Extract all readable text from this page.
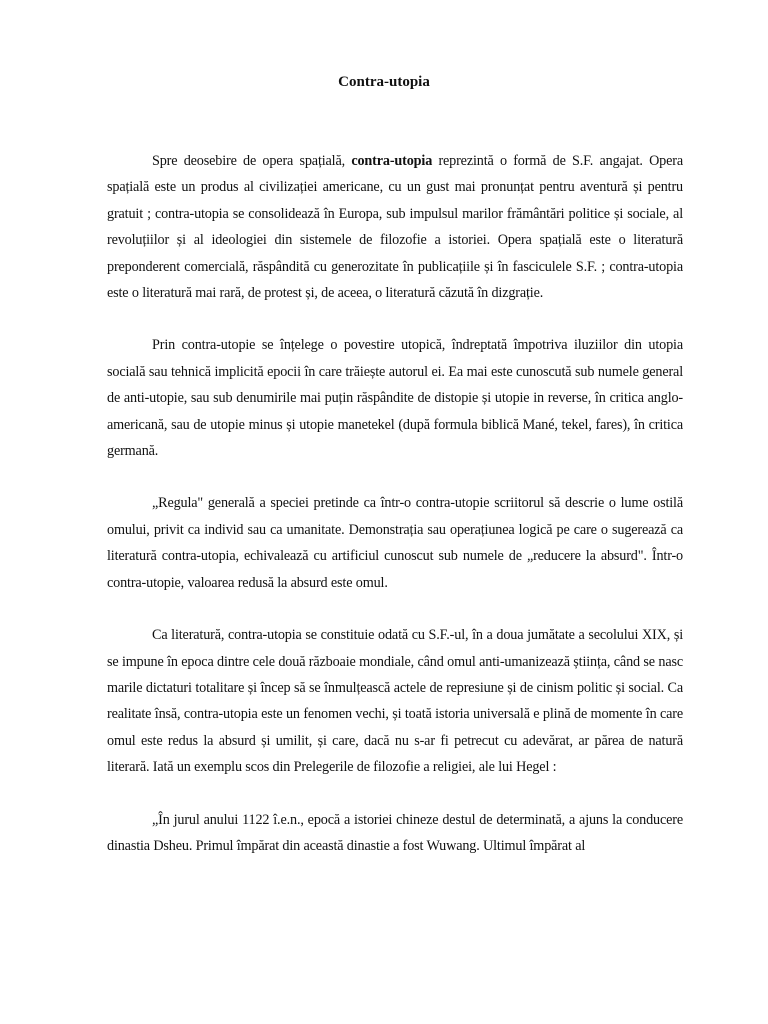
Contra-utopia

Spre deosebire de opera spațială, contra-utopia reprezintă o formă de S.F. angajat. Opera spațială este un produs al civilizației americane, cu un gust mai pronunțat pentru aventură și pentru gratuit ; contra-utopia se consolidează în Europa, sub impulsul marilor frământări politice și sociale, al revoluțiilor și al ideologiei din sistemele de filozofie a istoriei. Opera spațială este o literatură preponderent comercială, răspândită cu generozitate în publicațiile și în fasciculele S.F. ; contra-utopia este o literatură mai rară, de protest și, de aceea, o literatură căzută în dizgrație.

Prin contra-utopie se înțelege o povestire utopică, îndreptată împotriva iluziilor din utopia socială sau tehnică implicită epocii în care trăiește autorul ei. Ea mai este cunoscută sub numele general de anti-utopie, sau sub denumirile mai puțin răspândite de distopie și utopie in reverse, în critica anglo-americană, sau de utopie minus și utopie manetekel (după formula biblică Mané, tekel, fares), în critica germană.

„Regula" generală a speciei pretinde ca într-o contra-utopie scriitorul să descrie o lume ostilă omului, privit ca individ sau ca umanitate. Demonstrația sau operațiunea logică pe care o sugerează ca literatură contra-utopia, echivalează cu artificiul cunoscut sub numele de „reducere la absurd". Într-o contra-utopie, valoarea redusă la absurd este omul.

Ca literatură, contra-utopia se constituie odată cu S.F.-ul, în a doua jumătate a secolului XIX, și se impune în epoca dintre cele două războaie mondiale, când omul anti-umanizează știința, când se nasc marile dictaturi totalitare și încep să se înmulțească actele de represiune și de cinism politic și social. Ca realitate însă, contra-utopia este un fenomen vechi, și toată istoria universală e plină de momente în care omul este redus la absurd și umilit, și care, dacă nu s-ar fi petrecut cu adevărat, ar părea de natură literară. Iată un exemplu scos din Prelegerile de filozofie a religiei, ale lui Hegel :

„În jurul anului 1122 î.e.n., epocă a istoriei chineze destul de determinată, a ajuns la conducere dinastia Dsheu. Primul împărat din această dinastie a fost Wuwang. Ultimul împărat al
